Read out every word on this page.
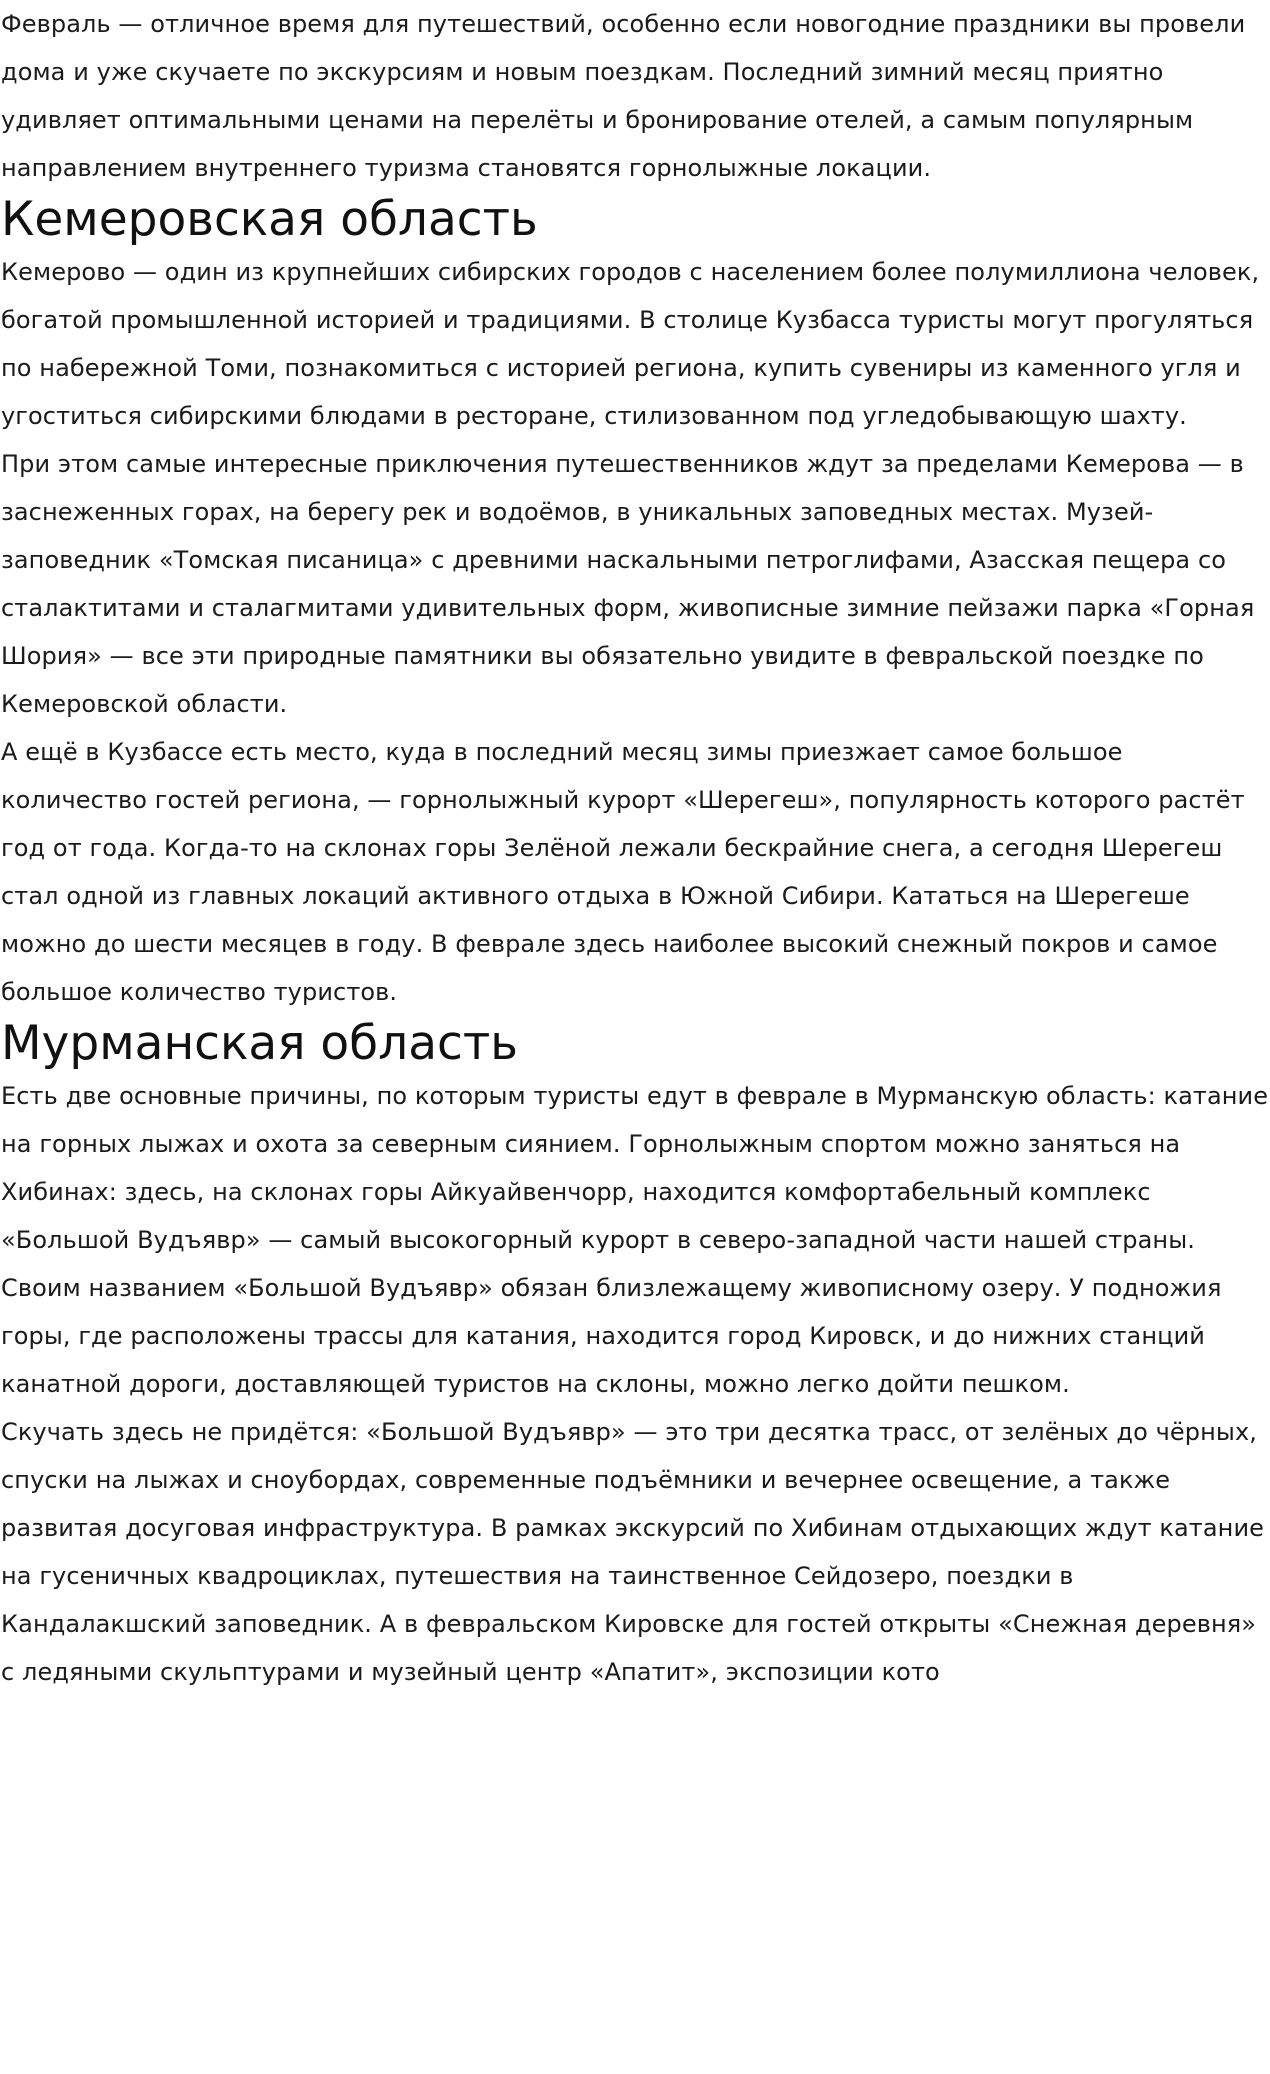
Февраль — отличное время для путешествий, особенно если новогодние праздники вы провели дома и уже скучаете по экскурсиям и новым поездкам. Последний зимний месяц приятно удивляет оптимальными ценами на перелёты и бронирование отелей, а самым популярным направлением внутреннего туризма становятся горнолыжные локации.

Кемеровская область

Кемерово — один из крупнейших сибирских городов с населением более полумиллиона человек, богатой промышленной историей и традициями. В столице Кузбасса туристы могут прогуляться по набережной Томи, познакомиться с историей региона, купить сувениры из каменного угля и угоститься сибирскими блюдами в ресторане, стилизованном под угледобывающую шахту.

При этом самые интересные приключения путешественников ждут за пределами Кемерова — в заснеженных горах, на берегу рек и водоёмов, в уникальных заповедных местах. Музей-заповедник «Томская писаница» с древними наскальными петроглифами, Азасская пещера со сталактитами и сталагмитами удивительных форм, живописные зимние пейзажи парка «Горная Шория» — все эти природные памятники вы обязательно увидите в февральской поездке по Кемеровской области.

А ещё в Кузбассе есть место, куда в последний месяц зимы приезжает самое большое количество гостей региона, — горнолыжный курорт «Шерегеш», популярность которого растёт год от года. Когда-то на склонах горы Зелёной лежали бескрайние снега, а сегодня Шерегеш стал одной из главных локаций активного отдыха в Южной Сибири. Кататься на Шерегеше можно до шести месяцев в году. В феврале здесь наиболее высокий снежный покров и самое большое количество туристов.

Мурманская область

Есть две основные причины, по которым туристы едут в феврале в Мурманскую область: катание на горных лыжах и охота за северным сиянием. Горнолыжным спортом можно заняться на Хибинах: здесь, на склонах горы Айкуайвенчорр, находится комфортабельный комплекс «Большой Вудъявр» — самый высокогорный курорт в северо-западной части нашей страны. Своим названием «Большой Вудъявр» обязан близлежащему живописному озеру. У подножия горы, где расположены трассы для катания, находится город Кировск, и до нижних станций канатной дороги, доставляющей туристов на склоны, можно легко дойти пешком.

Скучать здесь не придётся: «Большой Вудъявр» — это три десятка трасс, от зелёных до чёрных, спуски на лыжах и сноубордах, современные подъёмники и вечернее освещение, а также развитая досуговая инфраструктура. В рамках экскурсий по Хибинам отдыхающих ждут катание на гусеничных квадроциклах, путешествия на таинственное Сейдозеро, поездки в Кандалакшский заповедник. А в февральском Кировске для гостей открыты «Снежная деревня» с ледяными скульптурами и музейный центр «Апатит», экспозиции кото
